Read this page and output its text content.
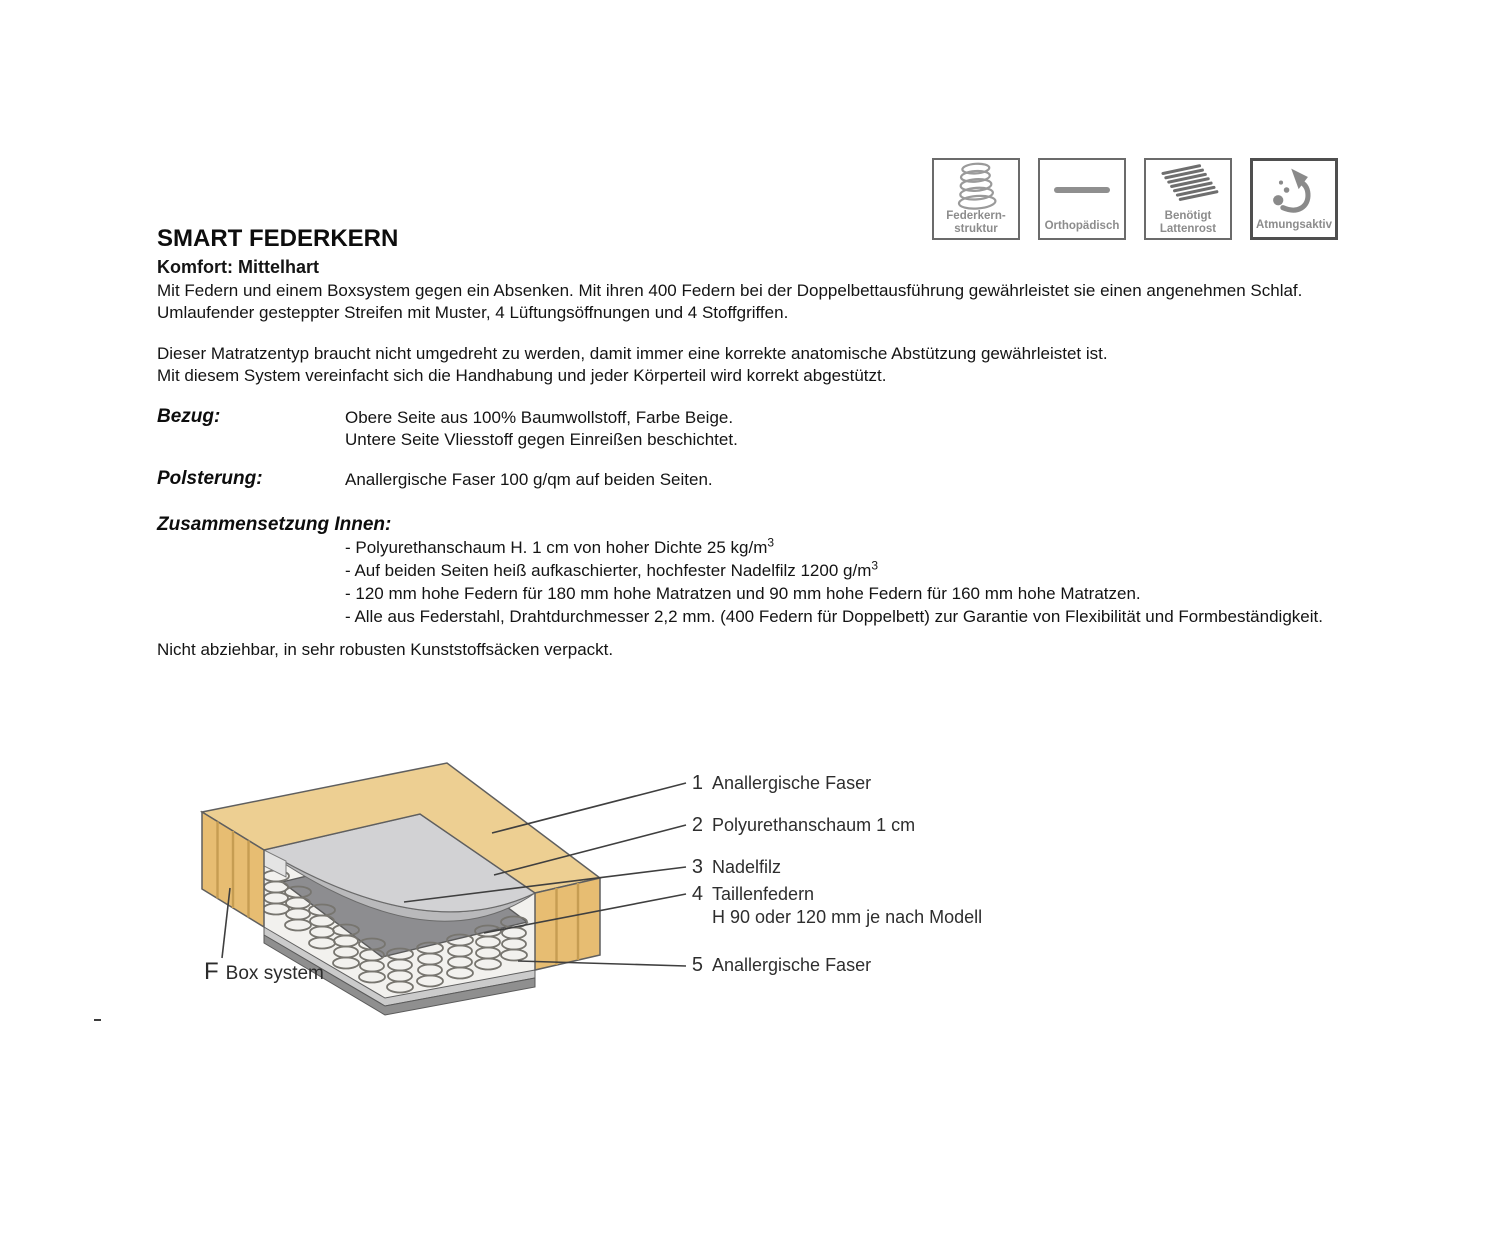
Federkern-
struktur	Orthopädisch
Benötigt
Lattenrost	Atmungsaktiv
SMART FEDERKERN
Komfort: Mittelhart
Mit Federn und einem Boxsystem gegen ein Absenken. Mit ihren 400 Federn bei der Doppelbettausführung gewährleistet sie einen angenehmen Schlaf.
Umlaufender gesteppter Streifen mit Muster, 4 Lüftungsöffnungen und 4 Stoffgriffen.
Dieser Matratzentyp braucht nicht umgedreht zu werden, damit immer eine korrekte anatomische Abstützung gewährleistet ist.
Mit diesem System vereinfacht sich die Handhabung und jeder Körperteil wird korrekt abgestützt.
Bezug:	Obere Seite aus 100% Baumwollstoff, Farbe Beige.
Untere Seite Vliesstoff gegen Einreißen beschichtet.
Polsterung:	Anallergische Faser 100 g/qm auf beiden Seiten.
Zusammensetzung Innen:
- Polyurethanschaum H. 1 cm von hoher Dichte 25 $kg/m^3$
- Auf beiden Seiten heiß aufkaschierter, hochfester Nadelfilz 1200 $g/m^3$
- 120 mm hohe Federn für 180 mm hohe Matratzen und 90 mm hohe Federn für 160 mm hohe Matratzen.
- Alle aus Federstahl, Drahtdurchmesser 2,2 mm. (400 Federn für Doppelbett) zur Garantie von Flexibilität und Formbeständigkeit.
Nicht abziehbar, in sehr robusten Kunststoffsäcken verpackt.
1 Anallergische Faser
2 Polyurethanschaum 1 cm
3 Nadelfilz
4 Taillenfedern
H 90 oder 120 mm je nach Modell
5 Anallergische Faser
F Box system
